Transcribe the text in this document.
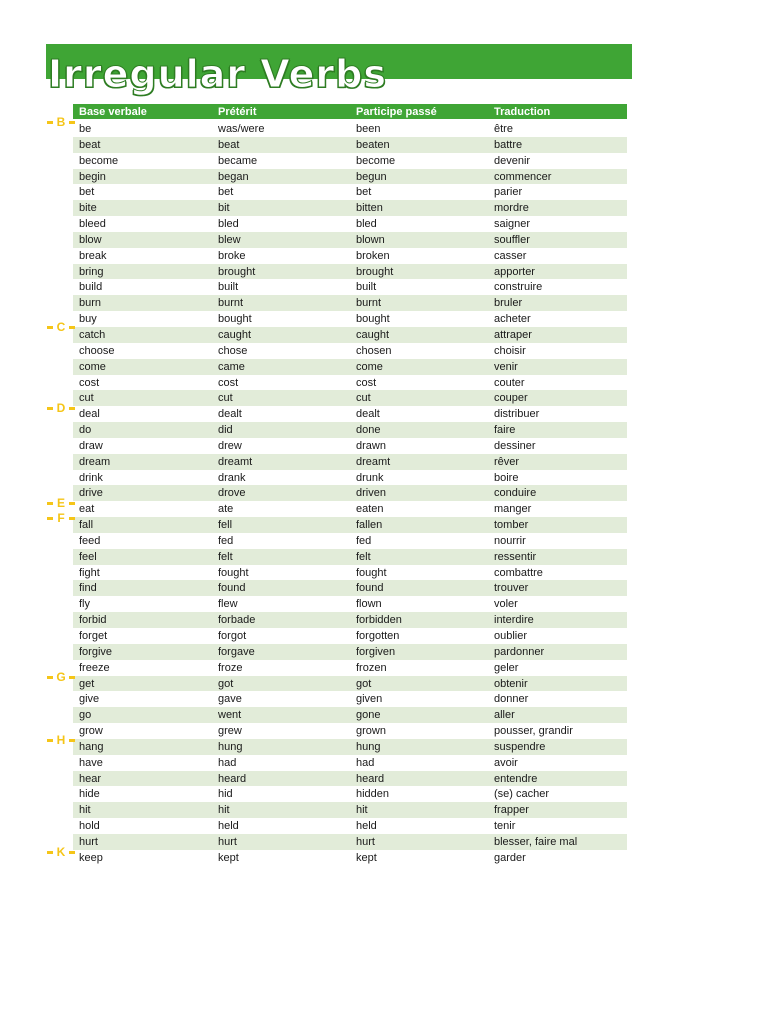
Irregular Verbs
Base verbale	Prétérit	Participe passé	Traduction
be	was/were	been	être
beat	beat	beaten	battre
become	became	become	devenir
begin	began	begun	commencer
bet	bet	bet	parier
bite	bit	bitten	mordre
bleed	bled	bled	saigner
blow	blew	blown	souffler
break	broke	broken	casser
bring	brought	brought	apporter
build	built	built	construire
burn	burnt	burnt	bruler
buy	bought	bought	acheter
catch	caught	caught	attraper
choose	chose	chosen	choisir
come	came	come	venir
cost	cost	cost	couter
cut	cut	cut	couper
deal	dealt	dealt	distribuer
do	did	done	faire
draw	drew	drawn	dessiner
dream	dreamt	dreamt	rêver
drink	drank	drunk	boire
drive	drove	driven	conduire
eat	ate	eaten	manger
fall	fell	fallen	tomber
feed	fed	fed	nourrir
feel	felt	felt	ressentir
fight	fought	fought	combattre
find	found	found	trouver
fly	flew	flown	voler
forbid	forbade	forbidden	interdire
forget	forgot	forgotten	oublier
forgive	forgave	forgiven	pardonner
freeze	froze	frozen	geler
get	got	got	obtenir
give	gave	given	donner
go	went	gone	aller
grow	grew	grown	pousser, grandir
hang	hung	hung	suspendre
have	had	had	avoir
hear	heard	heard	entendre
hide	hid	hidden	(se) cacher
hit	hit	hit	frapper
hold	held	held	tenir
hurt	hurt	hurt	blesser, faire mal
keep	kept	kept	garder
B
C
D
E
F
G
H
K
